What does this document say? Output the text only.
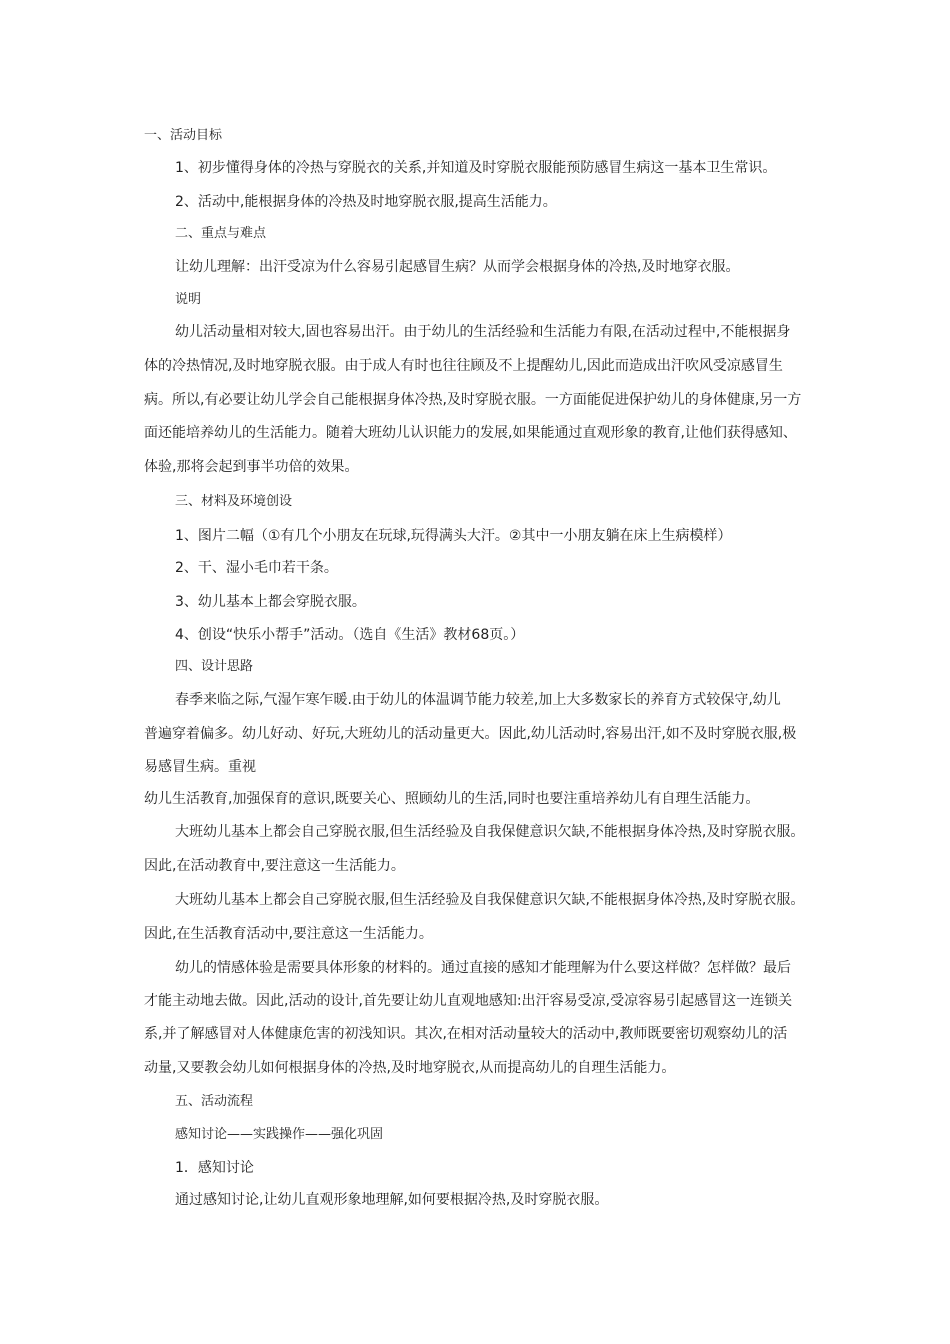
一、活动目标

1、初步懂得身体的冷热与穿脱衣的关系,并知道及时穿脱衣服能预防感冒生病这一基本卫生常识。

2、活动中,能根据身体的冷热及时地穿脱衣服,提高生活能力。

二、重点与难点

让幼儿理解：出汗受凉为什么容易引起感冒生病？从而学会根据身体的冷热,及时地穿衣服。

说明

幼儿活动量相对较大,固也容易出汗。由于幼儿的生活经验和生活能力有限,在活动过程中,不能根据身

体的冷热情况,及时地穿脱衣服。由于成人有时也往往顾及不上提醒幼儿,因此而造成出汗吹风受凉感冒生

病。所以,有必要让幼儿学会自己能根据身体冷热,及时穿脱衣服。一方面能促进保护幼儿的身体健康,另一方

面还能培养幼儿的生活能力。随着大班幼儿认识能力的发展,如果能通过直观形象的教育,让他们获得感知、

体验,那将会起到事半功倍的效果。

三、材料及环境创设

1、图片二幅（①有几个小朋友在玩球,玩得满头大汗。②其中一小朋友躺在床上生病模样）

2、干、湿小毛巾若干条。

3、幼儿基本上都会穿脱衣服。

4、创设“快乐小帮手”活动。（选自《生活》教材68页。）

四、设计思路

春季来临之际,气湿乍寒乍暖.由于幼儿的体温调节能力较差,加上大多数家长的养育方式较保守,幼儿

普遍穿着偏多。幼儿好动、好玩,大班幼儿的活动量更大。因此,幼儿活动时,容易出汗,如不及时穿脱衣服,极

易感冒生病。重视

幼儿生活教育,加强保育的意识,既要关心、照顾幼儿的生活,同时也要注重培养幼儿有自理生活能力。

大班幼儿基本上都会自己穿脱衣服,但生活经验及自我保健意识欠缺,不能根据身体冷热,及时穿脱衣服。

因此,在活动教育中,要注意这一生活能力。

大班幼儿基本上都会自己穿脱衣服,但生活经验及自我保健意识欠缺,不能根据身体冷热,及时穿脱衣服。

因此,在生活教育活动中,要注意这一生活能力。

幼儿的情感体验是需要具体形象的材料的。通过直接的感知才能理解为什么要这样做？怎样做？最后

才能主动地去做。因此,活动的设计,首先要让幼儿直观地感知:出汗容易受凉,受凉容易引起感冒这一连锁关

系,并了解感冒对人体健康危害的初浅知识。其次,在相对活动量较大的活动中,教师既要密切观察幼儿的活

动量,又要教会幼儿如何根据身体的冷热,及时地穿脱衣,从而提高幼儿的自理生活能力。

五、活动流程

感知讨论——实践操作——强化巩固

1．感知讨论

通过感知讨论,让幼儿直观形象地理解,如何要根据冷热,及时穿脱衣服。
